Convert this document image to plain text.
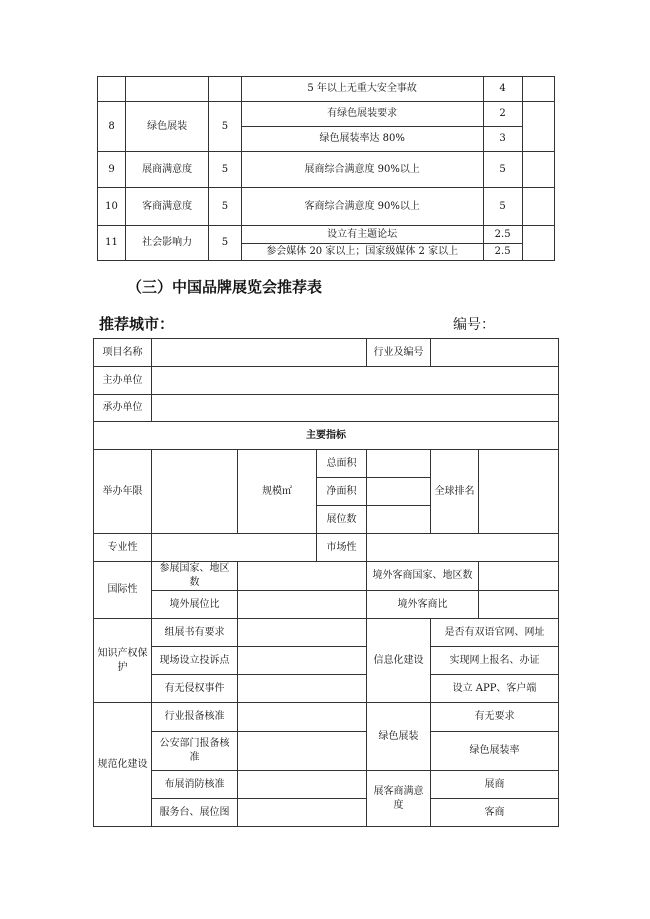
			5 年以上无重大安全事故	4	
8	绿色展装	5	有绿色展装要求	2	
			绿色展装率达 80%	3	
9	展商满意度	5	展商综合满意度 90%以上	5	
10	客商满意度	5	客商综合满意度 90%以上	5	
11	社会影响力	5	设立有主题论坛	2.5	
			参会媒体 20 家以上；国家级媒体 2 家以上	2.5	
（三）中国品牌展览会推荐表
推荐城市：	编号：
项目名称				行业及编号		
主办单位						
承办单位						
主要指标						
举办年限		规模㎡	总面积		全球排名	
			净面积			
			展位数			
专业性			市场性			
国际性	参展国家、地区数			境外客商国家、地区数		
	境外展位比			境外客商比		
知识产权保护	组展书有要求			信息化建设	是否有双语官网、网址	
	现场设立投诉点				实现网上报名、办证	
	有无侵权事件				设立 APP、客户端	
规范化建设	行业报备核准			绿色展装	有无要求	
	公安部门报备核准				绿色展装率	
	布展消防核准			展客商满意度	展商	
	服务台、展位图				客商	
